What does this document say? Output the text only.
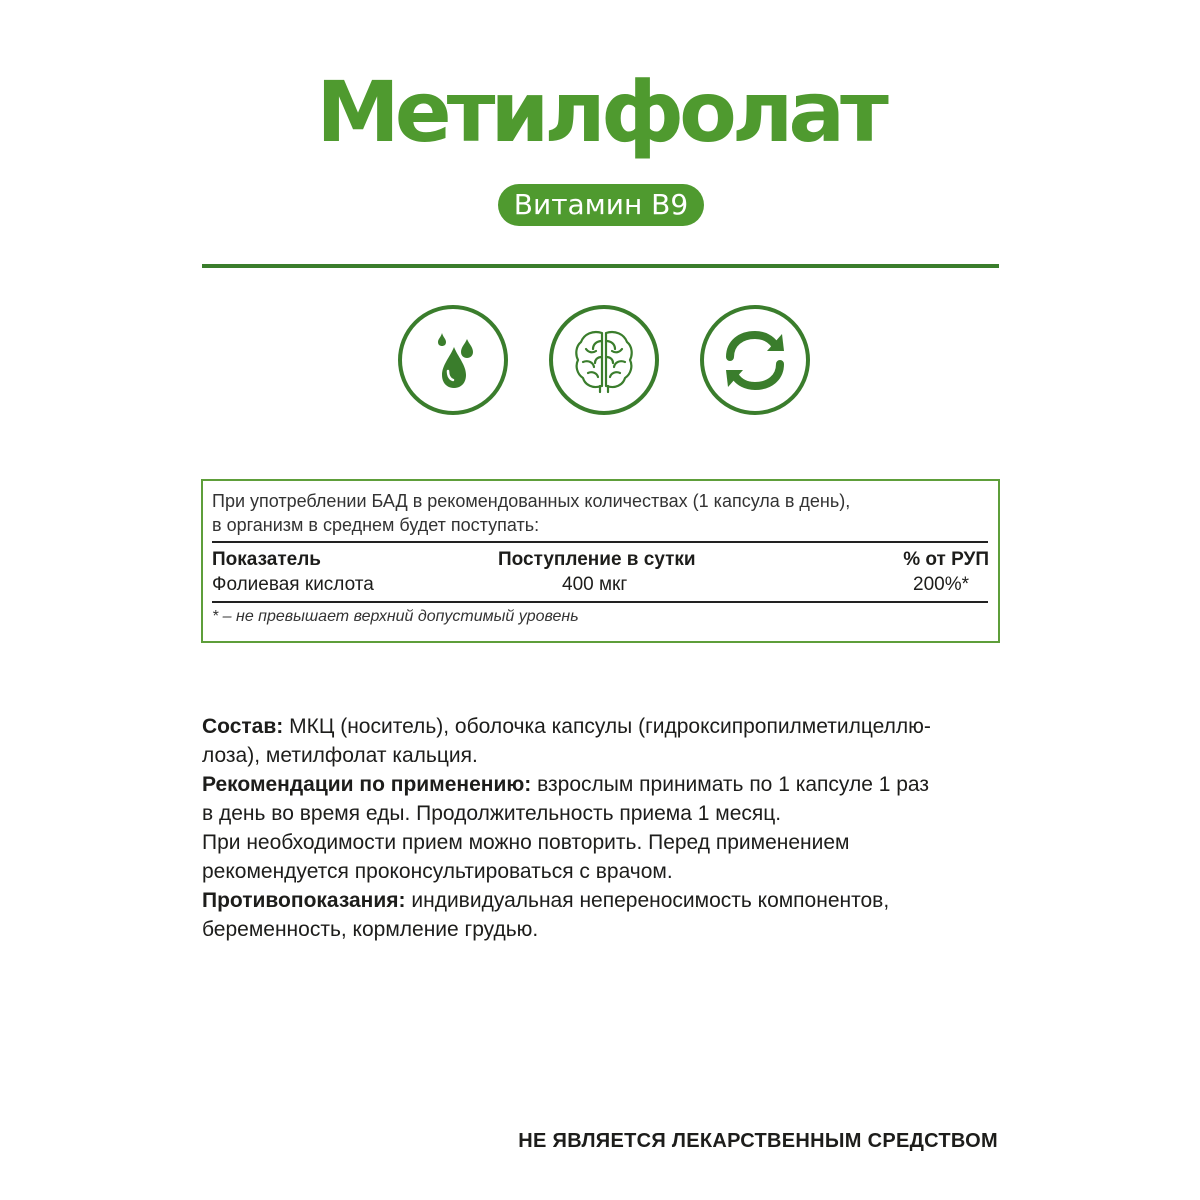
Метилфолат
Витамин B9
При употреблении БАД в рекомендованных количествах (1 капсула в день),
в организм в среднем будет поступать:
Показатель	Поступление в сутки	% от РУП
Фолиевая кислота	400 мкг	200%*
* – не превышает верхний допустимый уровень

Состав: МКЦ (носитель), оболочка капсулы (гидроксипропилметилцеллю-

лоза), метилфолат кальция.

Рекомендации по применению: взрослым принимать по 1 капсуле 1 раз

в день во время еды. Продолжительность приема 1 месяц.

При необходимости прием можно повторить. Перед применением

рекомендуется проконсультироваться с врачом.

Противопоказания: индивидуальная непереносимость компонентов,

беременность, кормление грудью.

НЕ ЯВЛЯЕТСЯ ЛЕКАРСТВЕННЫМ СРЕДСТВОМ
